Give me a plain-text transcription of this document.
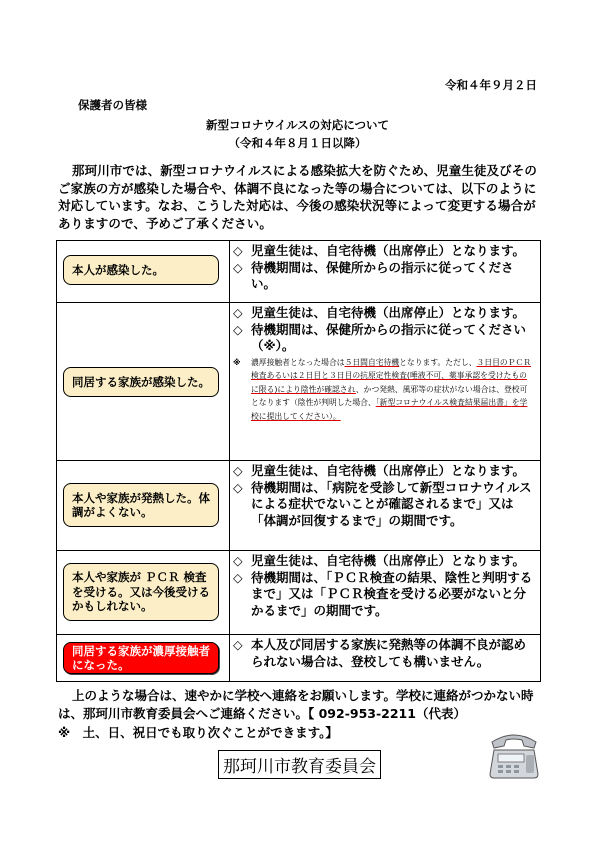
令和４年９月２日
保護者の皆様
新型コロナウイルスの対応について
（令和４年８月１日以降）
那珂川市では、新型コロナウイルスによる感染拡大を防ぐため、児童生徒及びそのご家族の方が感染した場合や、体調不良になった等の場合については、以下のように対応しています。なお、こうした対応は、今後の感染状況等によって変更する場合がありますので、予めご了承ください。
本人が感染した。
◇ 児童生徒は、自宅待機（出席停止）となります。
◇ 待機期間は、保健所からの指示に従ってください。
同居する家族が感染した。
◇ 児童生徒は、自宅待機（出席停止）となります。
◇ 待機期間は、保健所からの指示に従ってください（※）。
※ 濃厚接触者となった場合は５日間自宅待機となります。ただし、３日目のＰＣＲ検査あるいは２日目と３日目の抗原定性検査(唾液不可、薬事承認を受けたものに限る)により陰性が確認され、かつ発熱、風邪等の症状がない場合は、登校可となります（陰性が判明した場合、「新型コロナウイルス検査結果届出書」を学校に提出してください）。
本人や家族が発熱した。体調がよくない。
◇ 児童生徒は、自宅待機（出席停止）となります。
◇ 待機期間は、「病院を受診して新型コロナウイルスによる症状でないことが確認されるまで」又は「体調が回復するまで」の期間です。
本人や家族が ＰＣＲ 検査を受ける。又は今後受けるかもしれない。
◇ 児童生徒は、自宅待機（出席停止）となります。
◇ 待機期間は、「ＰＣＲ検査の結果、陰性と判明するまで」又は「ＰＣＲ検査を受ける必要がないと分かるまで」の期間です。
同居する家族が濃厚接触者になった。
◇ 本人及び同居する家族に発熱等の体調不良が認められない場合は、登校しても構いません。
上のような場合は、速やかに学校へ連絡をお願いします。学校に連絡がつかない時は、那珂川市教育委員会へご連絡ください。【 092-953-2211（代表）
※　土、日、祝日でも取り次ぐことができます。】
那珂川市教育委員会
